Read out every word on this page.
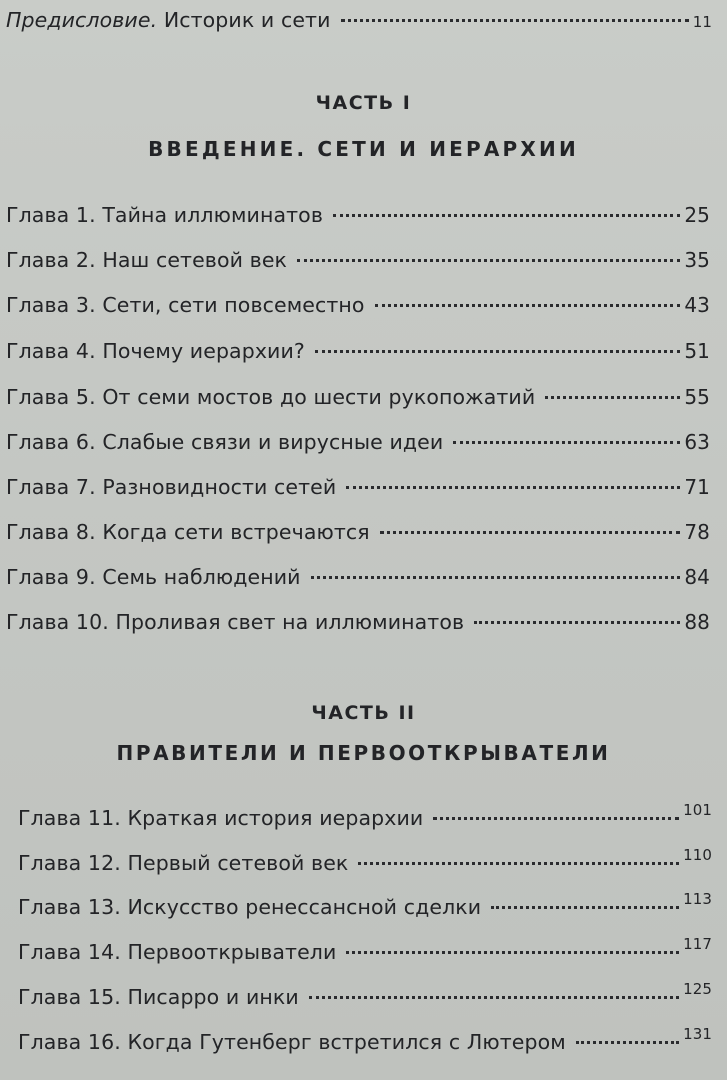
Предисловие. Историк и сети	11
ЧАСТЬ I
ВВЕДЕНИЕ. СЕТИ И ИЕРАРХИИ
Глава 1. Тайна иллюминатов	25
Глава 2. Наш сетевой век	35
Глава 3. Сети, сети повсеместно	43
Глава 4. Почему иерархии?	51
Глава 5. От семи мостов до шести рукопожатий	55
Глава 6. Слабые связи и вирусные идеи	63
Глава 7. Разновидности сетей	71
Глава 8. Когда сети встречаются	78
Глава 9. Семь наблюдений	84
Глава 10. Проливая свет на иллюминатов	88
ЧАСТЬ II
ПРАВИТЕЛИ И ПЕРВООТКРЫВАТЕЛИ
Глава 11. Краткая история иерархии	101
Глава 12. Первый сетевой век	110
Глава 13. Искусство ренессансной сделки	113
Глава 14. Первооткрыватели	117
Глава 15. Писарро и инки	125
Глава 16. Когда Гутенберг встретился с Лютером	131
